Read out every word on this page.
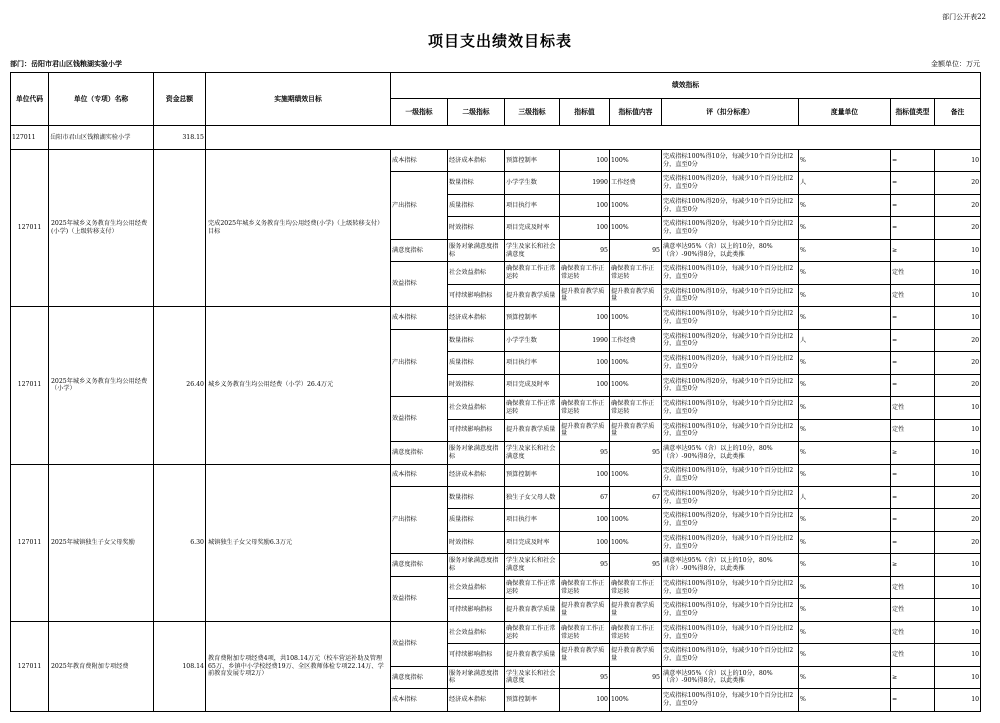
部门公开表22
项目支出绩效目标表
部门：岳阳市君山区钱粮湖实验小学	金额单位：万元
单位代码	单位（专项）名称	资金总额	实施期绩效目标	绩效指标								
				一级指标	二级指标	三级指标	指标值	指标值内容	评（扣分标准）	度量单位	指标值类型	备注
127011	岳阳市君山区钱粮湖实验小学	318.15										
127011	2025年城乡义务教育生均公用经费(小学)（上级转移支付）		完成2025年城乡义务教育生均公用经费(小学)（上级转移支付）目标	成本指标	经济成本指标	预算控制率	100	100%	完成指标100%得10分，每减少10个百分比扣2分，直至0分	%	=	10
				产出指标	数量指标	小学学生数	1990	工作经费	完成指标100%得20分，每减少10个百分比扣2分，直至0分	人	=	20
					质量指标	项目执行率	100	100%	完成指标100%得20分，每减少10个百分比扣2分，直至0分	%	=	20
					时效指标	项目完成及时率	100	100%	完成指标100%得20分，每减少10个百分比扣2分，直至0分	%	=	20
				满意度指标	服务对象满意度指标	学生及家长和社会满意度	95	95	满意率达95%（含）以上的10分，80%（含）-90%得8分，以此类推	%	≥	10
				效益指标	社会效益指标	确保教育工作正常运转	确保教育工作正常运转	确保教育工作正常运转	完成指标100%得10分，每减少10个百分比扣2分，直至0分	%	定性	10
					可持续影响指标	提升教育教学质量	提升教育教学质量	提升教育教学质量	完成指标100%得10分，每减少10个百分比扣2分，直至0分	%	定性	10
127011	2025年城乡义务教育生均公用经费（小学）	26.40	城乡义务教育生均公用经费（小学）26.4万元	成本指标	经济成本指标	预算控制率	100	100%	完成指标100%得10分，每减少10个百分比扣2分，直至0分	%	=	10
				产出指标	数量指标	小学学生数	1990	工作经费	完成指标100%得20分，每减少10个百分比扣2分，直至0分	人	=	20
					质量指标	项目执行率	100	100%	完成指标100%得20分，每减少10个百分比扣2分，直至0分	%	=	20
					时效指标	项目完成及时率	100	100%	完成指标100%得20分，每减少10个百分比扣2分，直至0分	%	=	20
				效益指标	社会效益指标	确保教育工作正常运转	确保教育工作正常运转	确保教育工作正常运转	完成指标100%得10分，每减少10个百分比扣2分，直至0分	%	定性	10
					可持续影响指标	提升教育教学质量	提升教育教学质量	提升教育教学质量	完成指标100%得10分，每减少10个百分比扣2分，直至0分	%	定性	10
				满意度指标	服务对象满意度指标	学生及家长和社会满意度	95	95	满意率达95%（含）以上的10分，80%（含）-90%得8分，以此类推	%	≥	10
127011	2025年城镇独生子女父母奖励	6.30	城镇独生子女父母奖励6.3万元	成本指标	经济成本指标	预算控制率	100	100%	完成指标100%得10分，每减少10个百分比扣2分，直至0分	%	=	10
				产出指标	数量指标	独生子女父母人数	67	67	完成指标100%得20分，每减少10个百分比扣2分，直至0分	人	=	20
					质量指标	项目执行率	100	100%	完成指标100%得20分，每减少10个百分比扣2分，直至0分	%	=	20
					时效指标	项目完成及时率	100	100%	完成指标100%得20分，每减少10个百分比扣2分，直至0分	%	=	20
				满意度指标	服务对象满意度指标	学生及家长和社会满意度	95	95	满意率达95%（含）以上的10分，80%（含）-90%得8分，以此类推	%	≥	10
				效益指标	社会效益指标	确保教育工作正常运转	确保教育工作正常运转	确保教育工作正常运转	完成指标100%得10分，每减少10个百分比扣2分，直至0分	%	定性	10
					可持续影响指标	提升教育教学质量	提升教育教学质量	提升教育教学质量	完成指标100%得10分，每减少10个百分比扣2分，直至0分	%	定性	10
127011	2025年教育费附加专项经费	108.14	教育费附加专项经费4项，共108.14万元（校车营运补助及管理65万、乡镇中小学校经费19万、全区教师体检专项22.14万、学前教育发展专项2万）	效益指标	社会效益指标	确保教育工作正常运转	确保教育工作正常运转	确保教育工作正常运转	完成指标100%得10分，每减少10个百分比扣2分，直至0分	%	定性	10
					可持续影响指标	提升教育教学质量	提升教育教学质量	提升教育教学质量	完成指标100%得10分，每减少10个百分比扣2分，直至0分	%	定性	10
				满意度指标	服务对象满意度指标	学生及家长和社会满意度	95	95	满意率达95%（含）以上的10分，80%（含）-90%得8分，以此类推	%	≥	10
				成本指标	经济成本指标	预算控制率	100	100%	完成指标100%得10分，每减少10个百分比扣2分，直至0分	%	=	10
